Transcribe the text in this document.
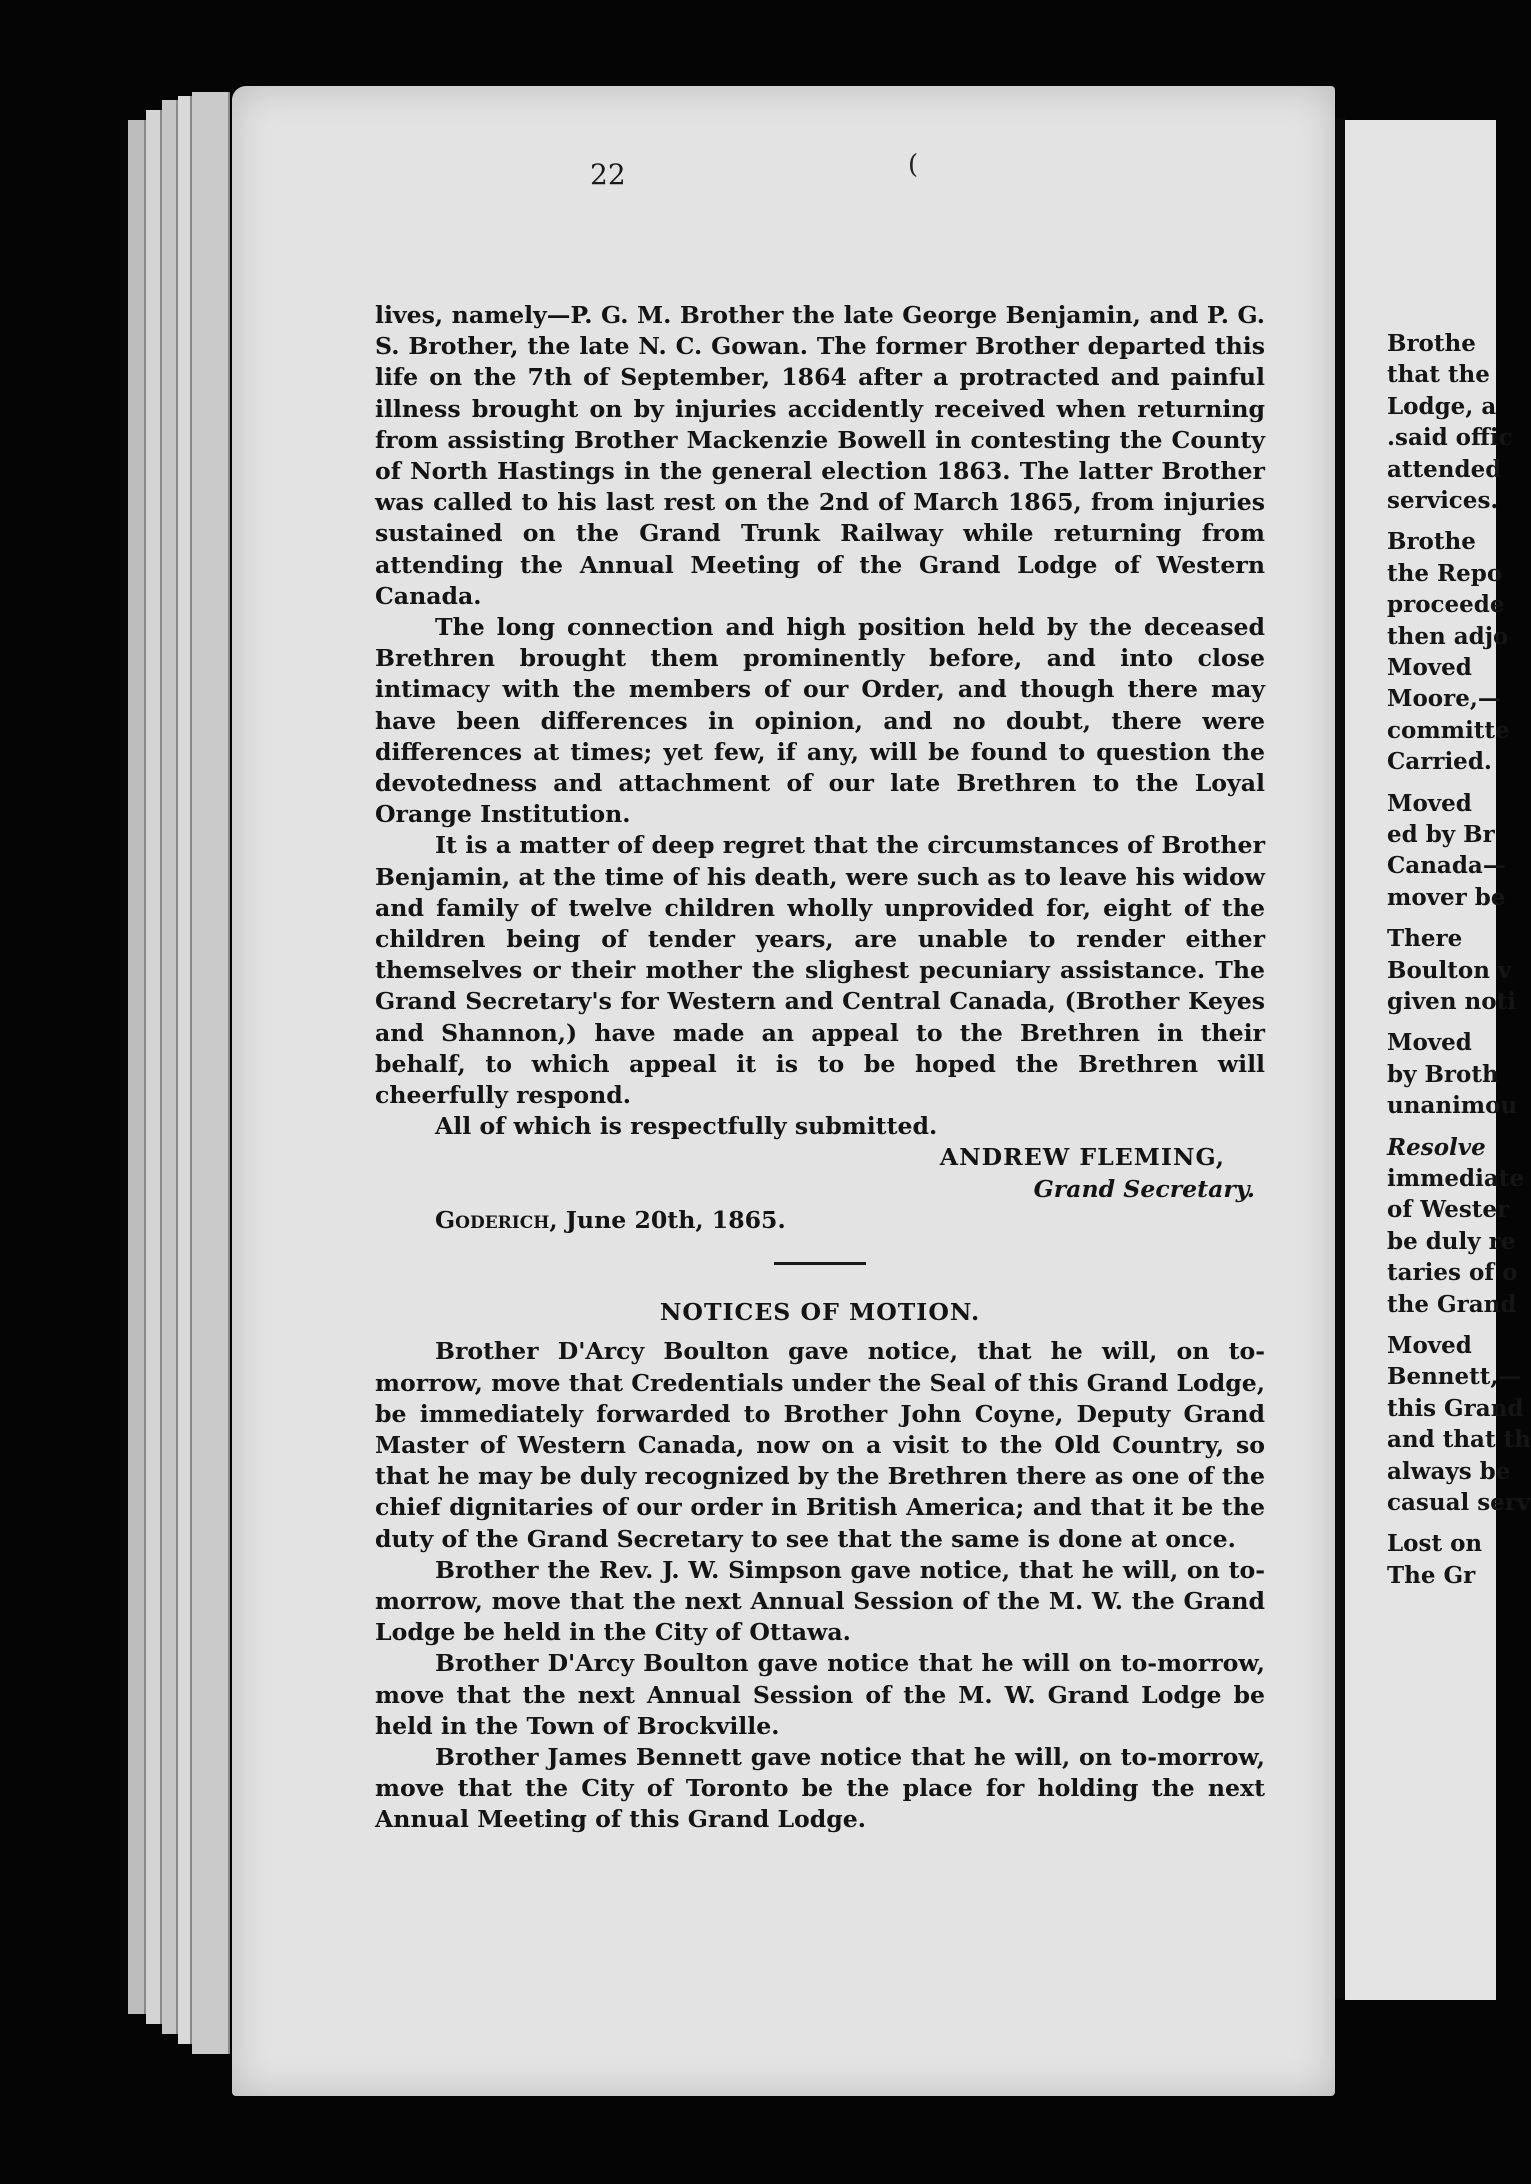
Brothe

that the

Lodge, a

.said offic

attended

services.

Brothe

the Repo

proceede

then adjo

Moved

Moore,—

committe

Carried.

Moved

ed by Br

Canada—

mover be

There

Boulton v

given noti

Moved

by Broth

unanimou

Resolve

immediate

of Wester

be duly re

taries of o

the Grand

Moved

Bennett,—

this Grand

and that th

always be

casual serv

Lost on

The Gr

22	(

lives, namely—P. G. M. Brother the late George Benjamin, and P. G. S. Brother, the late N. C. Gowan. The former Brother departed this life on the 7th of September, 1864 after a protracted and painful illness brought on by injuries accidently received when returning from assisting Brother Mackenzie Bowell in contesting the County of North Hastings in the general election 1863. The latter Brother was called to his last rest on the 2nd of March 1865, from injuries sustained on the Grand Trunk Railway while returning from attending the Annual Meeting of the Grand Lodge of Western Canada.

The long connection and high position held by the deceased Brethren brought them prominently before, and into close intimacy with the members of our Order, and though there may have been differences in opinion, and no doubt, there were differences at times; yet few, if any, will be found to question the devotedness and attachment of our late Brethren to the Loyal Orange Institution.

It is a matter of deep regret that the circumstances of Brother Benjamin, at the time of his death, were such as to leave his widow and family of twelve children wholly unprovided for, eight of the children being of tender years, are unable to render either themselves or their mother the slighest pecuniary assistance. The Grand Secretary's for Western and Central Canada, (Brother Keyes and Shannon,) have made an appeal to the Brethren in their behalf, to which appeal it is to be hoped the Brethren will cheerfully respond.

All of which is respectfully submitted.

ANDREW FLEMING,

Grand Secretary.

Goderich, June 20th, 1865.

NOTICES OF MOTION.

Brother D'Arcy Boulton gave notice, that he will, on to-morrow, move that Credentials under the Seal of this Grand Lodge, be immediately forwarded to Brother John Coyne, Deputy Grand Master of Western Canada, now on a visit to the Old Country, so that he may be duly recognized by the Brethren there as one of the chief dignitaries of our order in British America; and that it be the duty of the Grand Secretary to see that the same is done at once.

Brother the Rev. J. W. Simpson gave notice, that he will, on to-morrow, move that the next Annual Session of the M. W. the Grand Lodge be held in the City of Ottawa.

Brother D'Arcy Boulton gave notice that he will on to-morrow, move that the next Annual Session of the M. W. Grand Lodge be held in the Town of Brockville.

Brother James Bennett gave notice that he will, on to-morrow, move that the City of Toronto be the place for holding the next Annual Meeting of this Grand Lodge.
